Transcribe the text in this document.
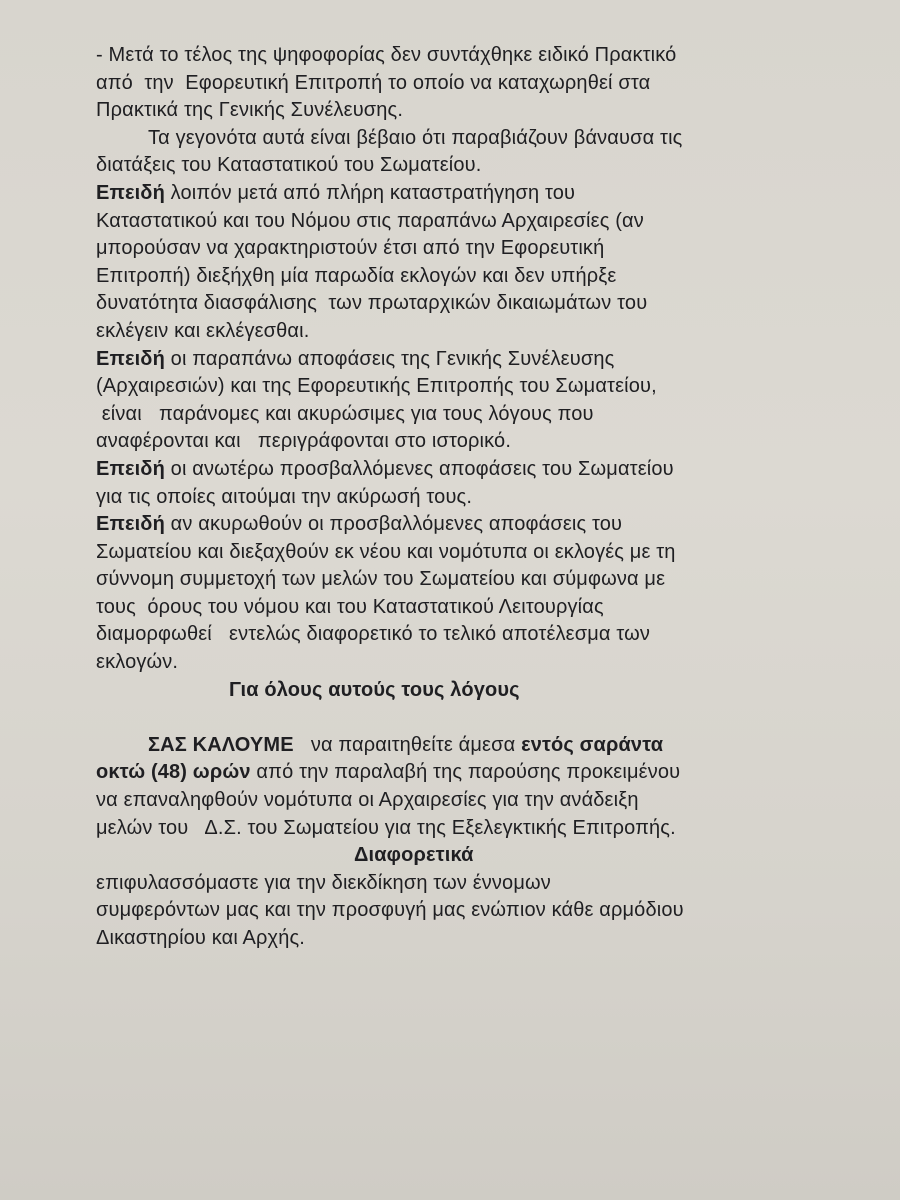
- Μετά το τέλος της ψηφοφορίας δεν συντάχθηκε ειδικό Πρακτικό
από  την  Εφορευτική Επιτροπή το οποίο να καταχωρηθεί στα
Πρακτικά της Γενικής Συνέλευσης.
Τα γεγονότα αυτά είναι βέβαιο ότι παραβιάζουν βάναυσα τις
διατάξεις του Καταστατικού του Σωματείου.
Επειδή λοιπόν μετά από πλήρη καταστρατήγηση του
Καταστατικού και του Νόμου στις παραπάνω Αρχαιρεσίες (αν
μπορούσαν να χαρακτηριστούν έτσι από την Εφορευτική
Επιτροπή) διεξήχθη μία παρωδία εκλογών και δεν υπήρξε
δυνατότητα διασφάλισης  των πρωταρχικών δικαιωμάτων του
εκλέγειν και εκλέγεσθαι.
Επειδή οι παραπάνω αποφάσεις της Γενικής Συνέλευσης
(Αρχαιρεσιών) και της Εφορευτικής Επιτροπής του Σωματείου,
είναι   παράνομες και ακυρώσιμες για τους λόγους που
αναφέρονται και   περιγράφονται στο ιστορικό.
Επειδή οι ανωτέρω προσβαλλόμενες αποφάσεις του Σωματείου
για τις οποίες αιτούμαι την ακύρωσή τους.
Επειδή αν ακυρωθούν οι προσβαλλόμενες αποφάσεις του
Σωματείου και διεξαχθούν εκ νέου και νομότυπα οι εκλογές με τη
σύννομη συμμετοχή των μελών του Σωματείου και σύμφωνα με
τους  όρους του νόμου και του Καταστατικού Λειτουργίας
διαμορφωθεί   εντελώς διαφορετικό το τελικό αποτέλεσμα των
εκλογών.
Για όλους αυτούς τους λόγους
ΣΑΣ ΚΑΛΟΥΜΕ να παραιτηθείτε άμεσα εντός σαράντα
οκτώ (48) ωρών από την παραλαβή της παρούσης προκειμένου
να επαναληφθούν νομότυπα οι Αρχαιρεσίες για την ανάδειξη
μελών του   Δ.Σ. του Σωματείου για της Εξελεγκτικής Επιτροπής.
Διαφορετικά
επιφυλασσόμαστε για την διεκδίκηση των έννομων
συμφερόντων μας και την προσφυγή μας ενώπιον κάθε αρμόδιου
Δικαστηρίου και Αρχής.
